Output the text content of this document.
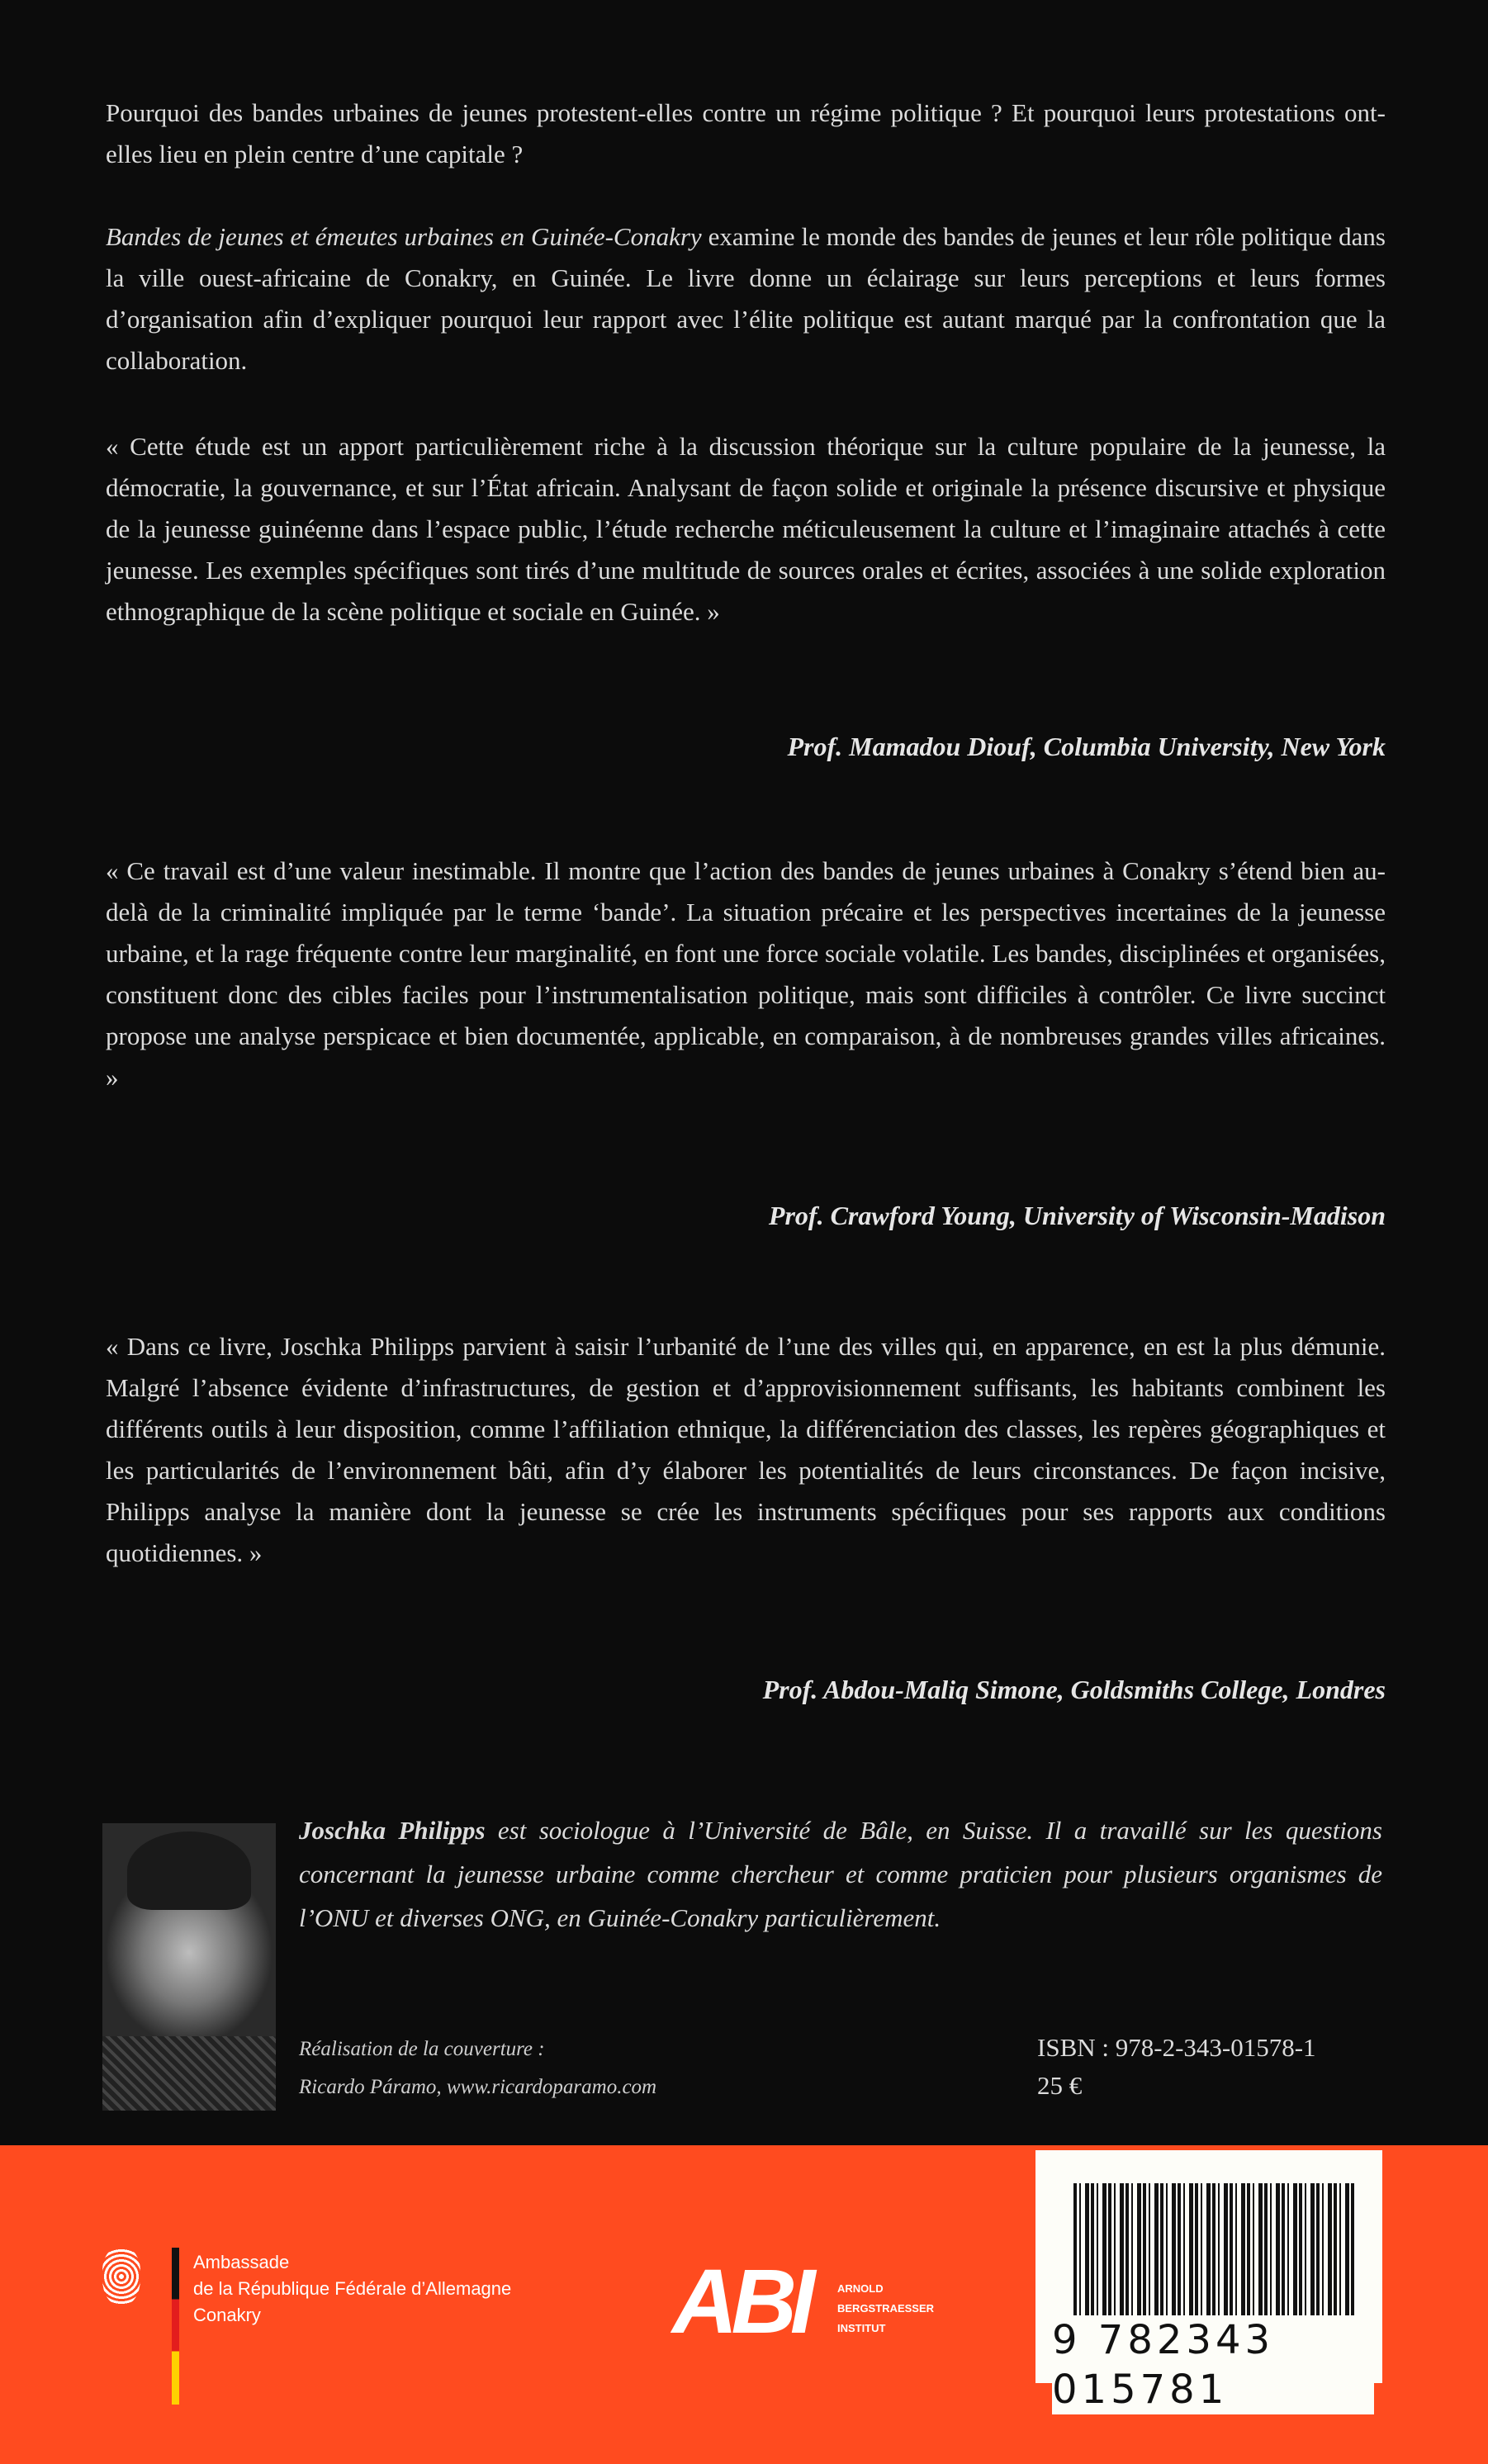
Pourquoi des bandes urbaines de jeunes protestent-elles contre un régime politique ? Et pourquoi leurs protestations ont-elles lieu en plein centre d’une capitale ?

Bandes de jeunes et émeutes urbaines en Guinée-Conakry examine le monde des bandes de jeunes et leur rôle politique dans la ville ouest-africaine de Conakry, en Guinée. Le livre donne un éclairage sur leurs perceptions et leurs formes d’organisation afin d’expliquer pourquoi leur rapport avec l’élite politique est autant marqué par la confrontation que la collaboration.

« Cette étude est un apport particulièrement riche à la discussion théorique sur la culture populaire de la jeunesse, la démocratie, la gouvernance, et sur l’État africain. Analysant de façon solide et originale la présence discursive et physique de la jeunesse guinéenne dans l’espace public, l’étude recherche méticuleusement la culture et l’imaginaire attachés à cette jeunesse. Les exemples spécifiques sont tirés d’une multitude de sources orales et écrites, associées à une solide exploration ethnographique de la scène politique et sociale en Guinée. »

Prof. Mamadou Diouf, Columbia University, New York

« Ce travail est d’une valeur inestimable. Il montre que l’action des bandes de jeunes urbaines à Conakry s’étend bien au-delà de la criminalité impliquée par le terme ‘bande’. La situation précaire et les perspectives incertaines de la jeunesse urbaine, et la rage fréquente contre leur marginalité, en font une force sociale volatile. Les bandes, disciplinées et organisées, constituent donc des cibles faciles pour l’instrumentalisation politique, mais sont difficiles à contrôler. Ce livre succinct propose une analyse perspicace et bien documentée, applicable, en comparaison, à de nombreuses grandes villes africaines. »

Prof. Crawford Young, University of Wisconsin-Madison

« Dans ce livre, Joschka Philipps parvient à saisir l’urbanité de l’une des villes qui, en apparence, en est la plus démunie. Malgré l’absence évidente d’infrastructures, de gestion et d’approvisionnement suffisants, les habitants combinent les différents outils à leur disposition, comme l’affiliation ethnique, la différenciation des classes, les repères géographiques et les particularités de l’environnement bâti, afin d’y élaborer les potentialités de leurs circonstances. De façon incisive, Philipps analyse la manière dont la jeunesse se crée les instruments spécifiques pour ses rapports aux conditions quotidiennes. »

Prof. Abdou-Maliq Simone, Goldsmiths College, Londres

Joschka Philipps est sociologue à l’Université de Bâle, en Suisse. Il a travaillé sur les questions concernant la jeunesse urbaine comme chercheur et comme praticien pour plusieurs organismes de l’ONU et diverses ONG, en Guinée-Conakry particulièrement.

Réalisation de la couverture :
Ricardo Páramo, www.ricardoparamo.com
ISBN : 978-2-343-01578-1
25 €
Ambassade
de la République Fédérale d’Allemagne
Conakry	ABI	ARNOLD
BERGSTRAESSER
INSTITUT	9 782343 015781
